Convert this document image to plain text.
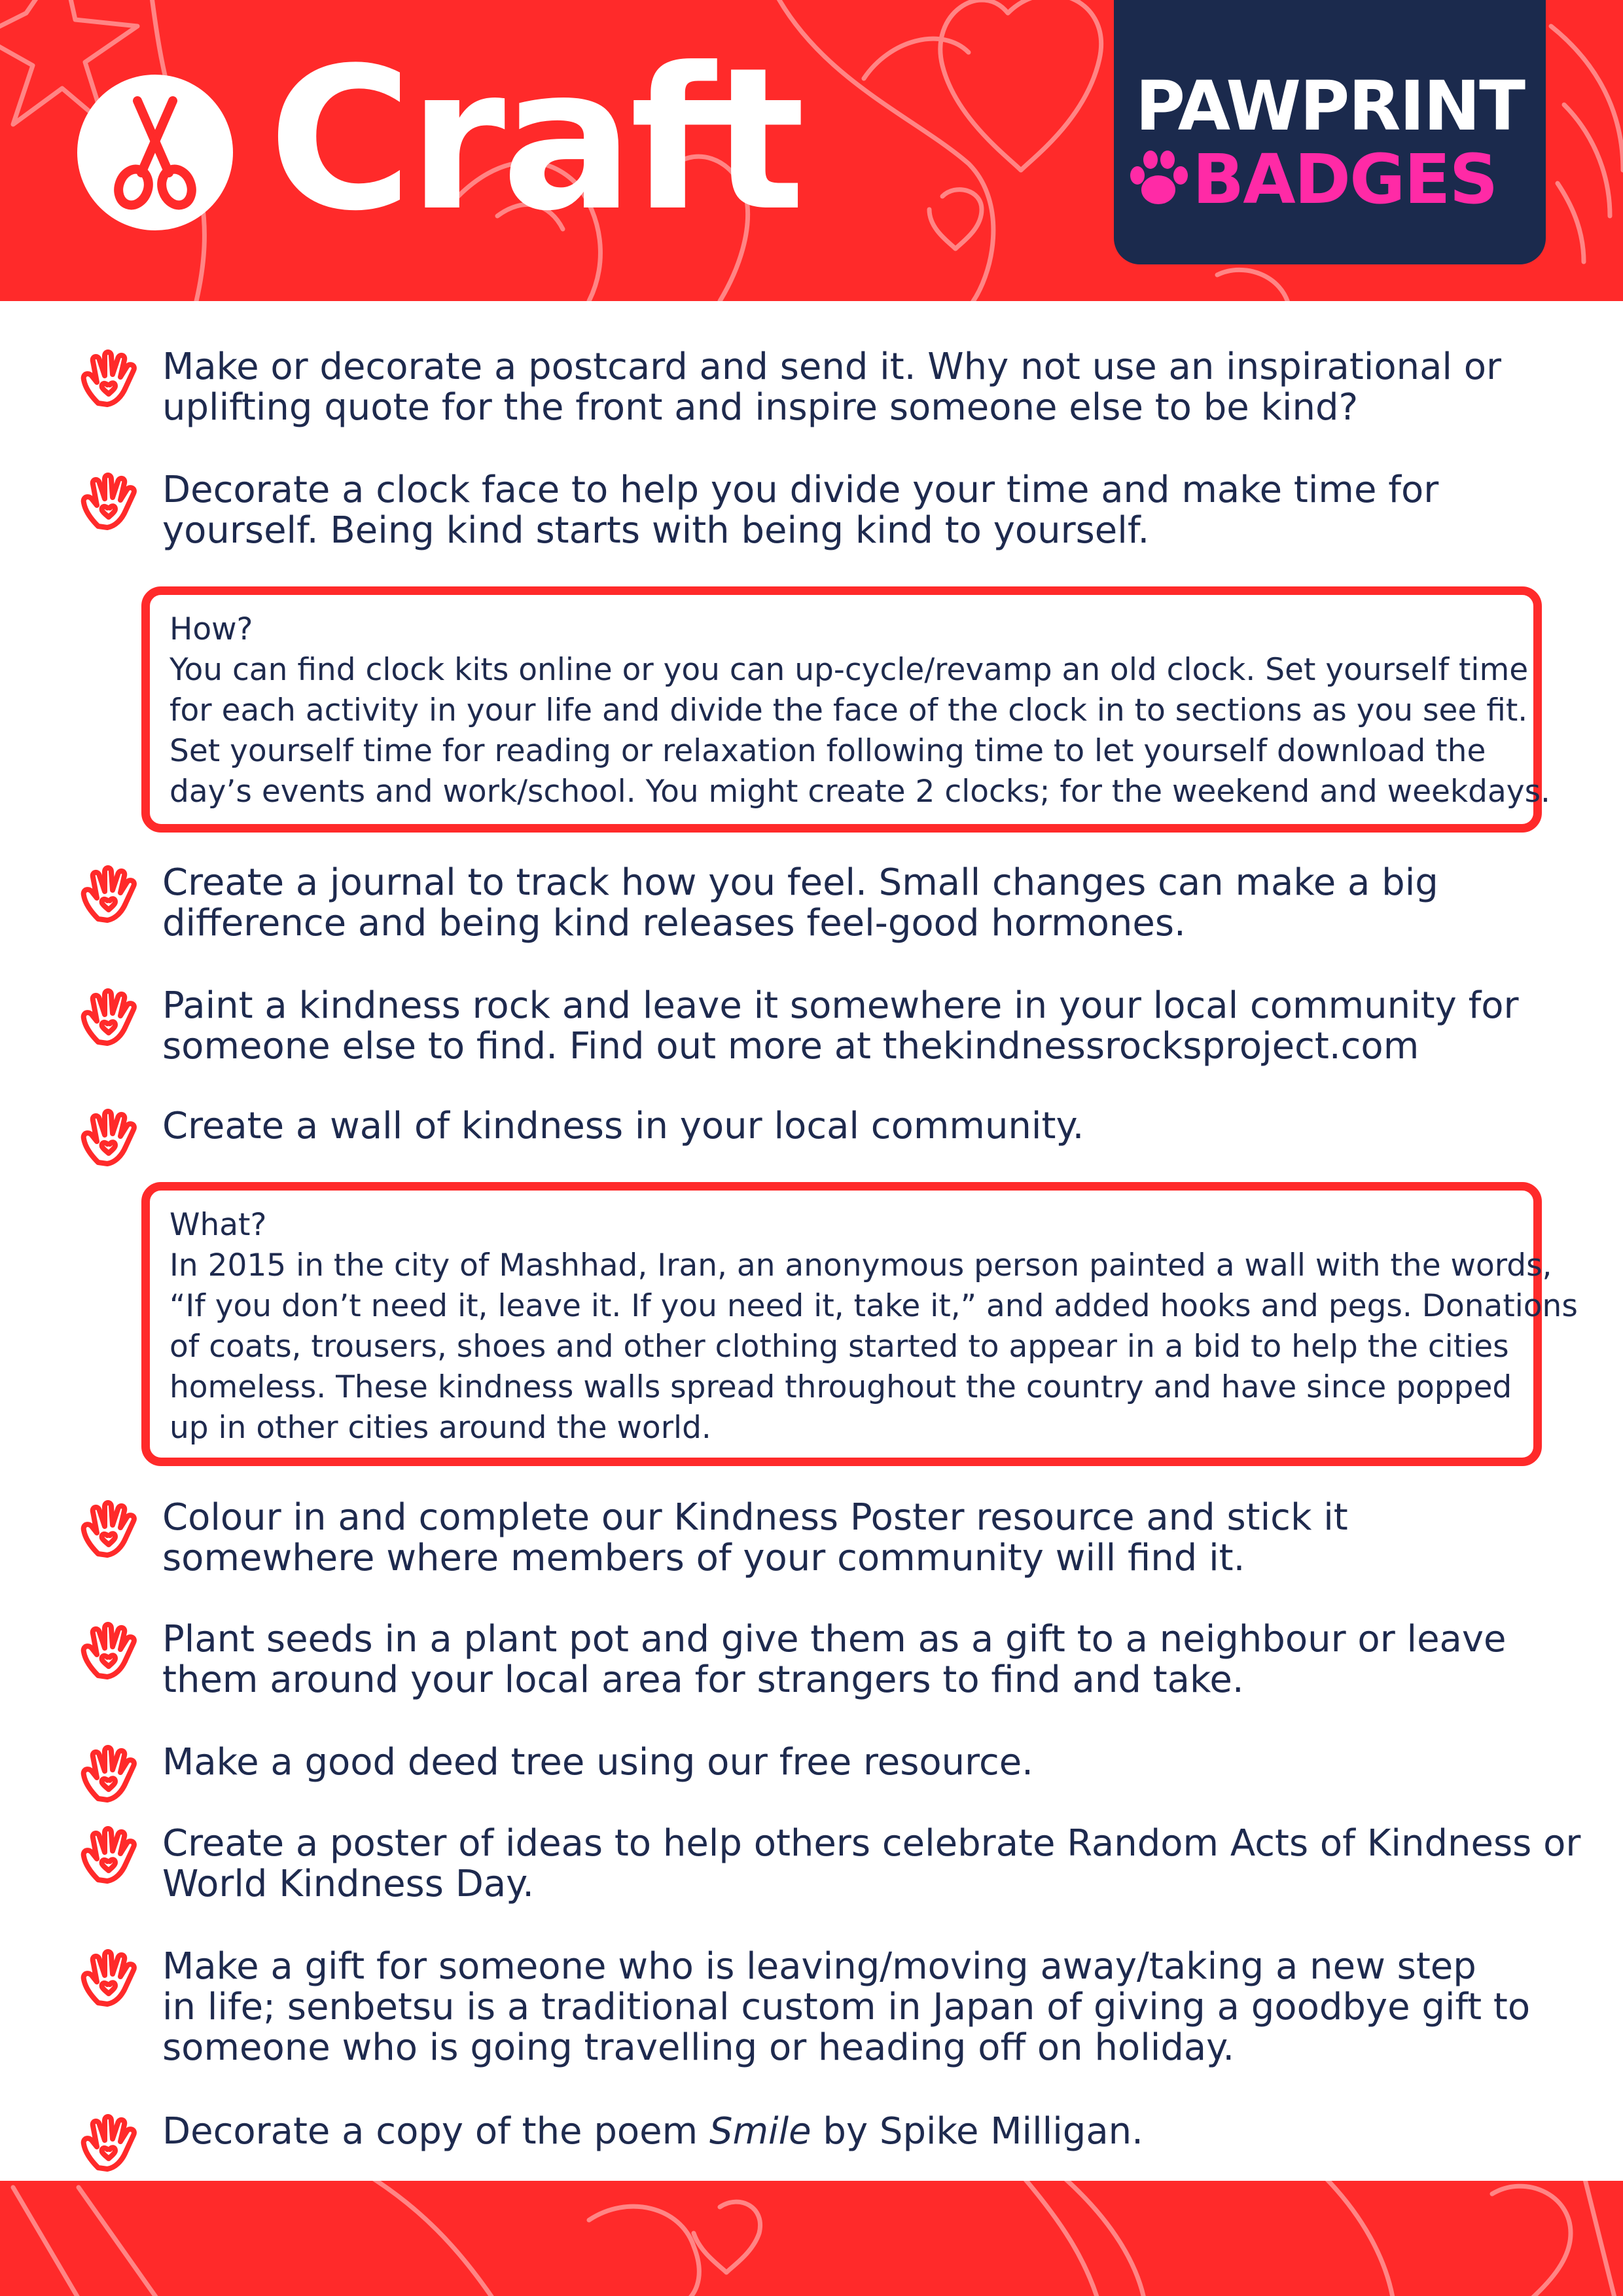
Craft	PAWPRINT
BADGES
Make or decorate a postcard and send it. Why not use an inspirational or
uplifting quote for the front and inspire someone else to be kind?
Decorate a clock face to help you divide your time and make time for
yourself. Being kind starts with being kind to yourself.
How?
You can find clock kits online or you can up-cycle/revamp an old clock. Set yourself time
for each activity in your life and divide the face of the clock in to sections as you see fit.
Set yourself time for reading or relaxation following time to let yourself download the
day’s events and work/school. You might create 2 clocks; for the weekend and weekdays.
Create a journal to track how you feel. Small changes can make a big
difference and being kind releases feel-good hormones.
Paint a kindness rock and leave it somewhere in your local community for
someone else to find. Find out more at thekindnessrocksproject.com
Create a wall of kindness in your local community.
What?
In 2015 in the city of Mashhad, Iran, an anonymous person painted a wall with the words,
“If you don’t need it, leave it. If you need it, take it,” and added hooks and pegs. Donations
of coats, trousers, shoes and other clothing started to appear in a bid to help the cities
homeless. These kindness walls spread throughout the country and have since popped
up in other cities around the world.
Colour in and complete our Kindness Poster resource and stick it
somewhere where members of your community will find it.
Plant seeds in a plant pot and give them as a gift to a neighbour or leave
them around your local area for strangers to find and take.
Make a good deed tree using our free resource.
Create a poster of ideas to help others celebrate Random Acts of Kindness or
World Kindness Day.
Make a gift for someone who is leaving/moving away/taking a new step
in life; senbetsu is a traditional custom in Japan of giving a goodbye gift to
someone who is going travelling or heading off on holiday.
Decorate a copy of the poem Smile by Spike Milligan.
